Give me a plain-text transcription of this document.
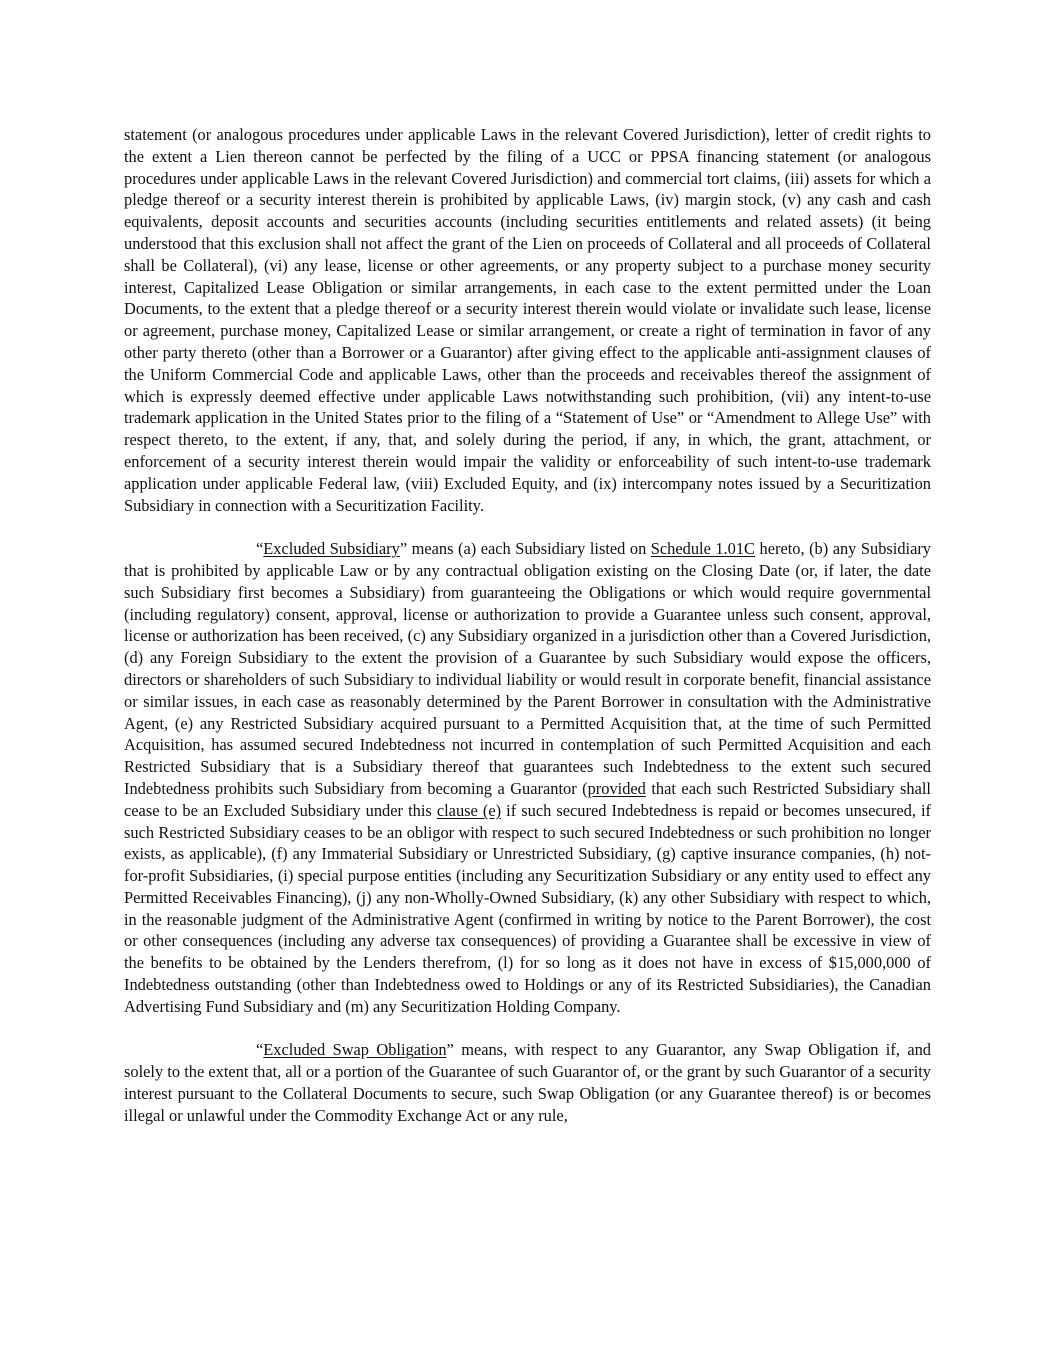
statement (or analogous procedures under applicable Laws in the relevant Covered Jurisdiction), letter of credit rights to the extent a Lien thereon cannot be perfected by the filing of a UCC or PPSA financing statement (or analogous procedures under applicable Laws in the relevant Covered Jurisdiction) and commercial tort claims, (iii) assets for which a pledge thereof or a security interest therein is prohibited by applicable Laws, (iv) margin stock, (v) any cash and cash equivalents, deposit accounts and securities accounts (including securities entitlements and related assets) (it being understood that this exclusion shall not affect the grant of the Lien on proceeds of Collateral and all proceeds of Collateral shall be Collateral), (vi) any lease, license or other agreements, or any property subject to a purchase money security interest, Capitalized Lease Obligation or similar arrangements, in each case to the extent permitted under the Loan Documents, to the extent that a pledge thereof or a security interest therein would violate or invalidate such lease, license or agreement, purchase money, Capitalized Lease or similar arrangement, or create a right of termination in favor of any other party thereto (other than a Borrower or a Guarantor) after giving effect to the applicable anti-assignment clauses of the Uniform Commercial Code and applicable Laws, other than the proceeds and receivables thereof the assignment of which is expressly deemed effective under applicable Laws notwithstanding such prohibition, (vii) any intent-to-use trademark application in the United States prior to the filing of a “Statement of Use” or “Amendment to Allege Use” with respect thereto, to the extent, if any, that, and solely during the period, if any, in which, the grant, attachment, or enforcement of a security interest therein would impair the validity or enforceability of such intent-to-use trademark application under applicable Federal law, (viii) Excluded Equity, and (ix) intercompany notes issued by a Securitization Subsidiary in connection with a Securitization Facility.

“Excluded Subsidiary” means (a) each Subsidiary listed on Schedule 1.01C hereto, (b) any Subsidiary that is prohibited by applicable Law or by any contractual obligation existing on the Closing Date (or, if later, the date such Subsidiary first becomes a Subsidiary) from guaranteeing the Obligations or which would require governmental (including regulatory) consent, approval, license or authorization to provide a Guarantee unless such consent, approval, license or authorization has been received, (c) any Subsidiary organized in a jurisdiction other than a Covered Jurisdiction, (d) any Foreign Subsidiary to the extent the provision of a Guarantee by such Subsidiary would expose the officers, directors or shareholders of such Subsidiary to individual liability or would result in corporate benefit, financial assistance or similar issues, in each case as reasonably determined by the Parent Borrower in consultation with the Administrative Agent, (e) any Restricted Subsidiary acquired pursuant to a Permitted Acquisition that, at the time of such Permitted Acquisition, has assumed secured Indebtedness not incurred in contemplation of such Permitted Acquisition and each Restricted Subsidiary that is a Subsidiary thereof that guarantees such Indebtedness to the extent such secured Indebtedness prohibits such Subsidiary from becoming a Guarantor (provided that each such Restricted Subsidiary shall cease to be an Excluded Subsidiary under this clause (e) if such secured Indebtedness is repaid or becomes unsecured, if such Restricted Subsidiary ceases to be an obligor with respect to such secured Indebtedness or such prohibition no longer exists, as applicable), (f) any Immaterial Subsidiary or Unrestricted Subsidiary, (g) captive insurance companies, (h) not-for-profit Subsidiaries, (i) special purpose entities (including any Securitization Subsidiary or any entity used to effect any Permitted Receivables Financing), (j) any non-Wholly-Owned Subsidiary, (k) any other Subsidiary with respect to which, in the reasonable judgment of the Administrative Agent (confirmed in writing by notice to the Parent Borrower), the cost or other consequences (including any adverse tax consequences) of providing a Guarantee shall be excessive in view of the benefits to be obtained by the Lenders therefrom, (l) for so long as it does not have in excess of $15,000,000 of Indebtedness outstanding (other than Indebtedness owed to Holdings or any of its Restricted Subsidiaries), the Canadian Advertising Fund Subsidiary and (m) any Securitization Holding Company.

“Excluded Swap Obligation” means, with respect to any Guarantor, any Swap Obligation if, and solely to the extent that, all or a portion of the Guarantee of such Guarantor of, or the grant by such Guarantor of a security interest pursuant to the Collateral Documents to secure, such Swap Obligation (or any Guarantee thereof) is or becomes illegal or unlawful under the Commodity Exchange Act or any rule,
